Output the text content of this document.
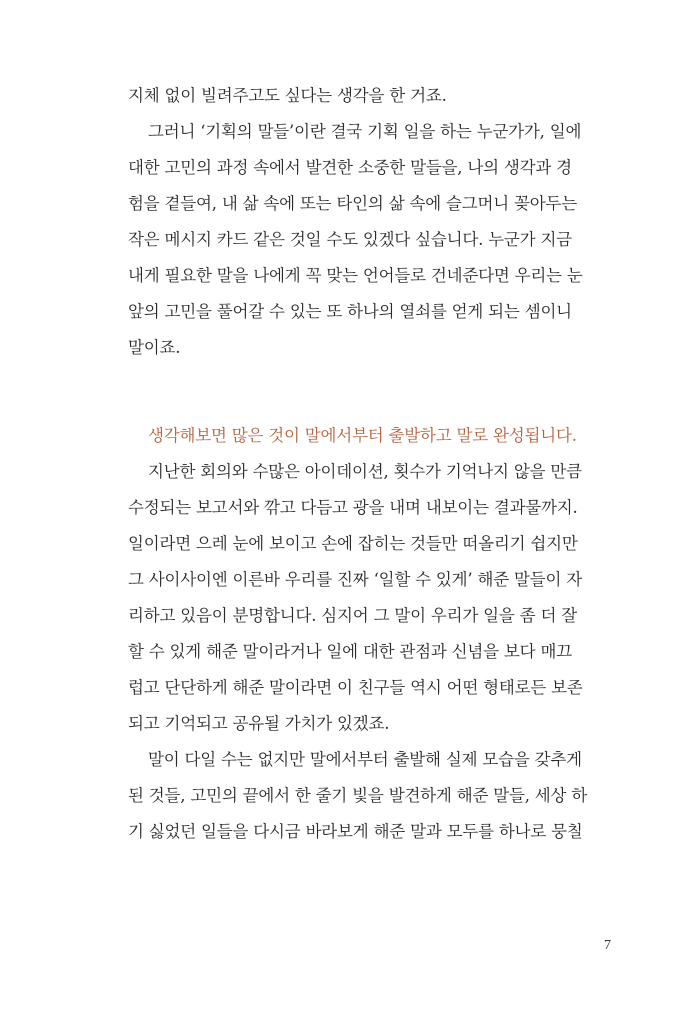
지체 없이 빌려주고도 싶다는 생각을 한 거죠.
그러니 ‘기획의 말들’이란 결국 기획 일을 하는 누군가가, 일에
대한 고민의 과정 속에서 발견한 소중한 말들을, 나의 생각과 경
험을 곁들여, 내 삶 속에 또는 타인의 삶 속에 슬그머니 꽂아두는
작은 메시지 카드 같은 것일 수도 있겠다 싶습니다. 누군가 지금
내게 필요한 말을 나에게 꼭 맞는 언어들로 건네준다면 우리는 눈
앞의 고민을 풀어갈 수 있는 또 하나의 열쇠를 얻게 되는 셈이니
말이죠.
생각해보면 많은 것이 말에서부터 출발하고 말로 완성됩니다.
지난한 회의와 수많은 아이데이션, 횟수가 기억나지 않을 만큼
수정되는 보고서와 깎고 다듬고 광을 내며 내보이는 결과물까지.
일이라면 으레 눈에 보이고 손에 잡히는 것들만 떠올리기 쉽지만
그 사이사이엔 이른바 우리를 진짜 ‘일할 수 있게’ 해준 말들이 자
리하고 있음이 분명합니다. 심지어 그 말이 우리가 일을 좀 더 잘
할 수 있게 해준 말이라거나 일에 대한 관점과 신념을 보다 매끄
럽고 단단하게 해준 말이라면 이 친구들 역시 어떤 형태로든 보존
되고 기억되고 공유될 가치가 있겠죠.
말이 다일 수는 없지만 말에서부터 출발해 실제 모습을 갖추게
된 것들, 고민의 끝에서 한 줄기 빛을 발견하게 해준 말들, 세상 하
기 싫었던 일들을 다시금 바라보게 해준 말과 모두를 하나로 뭉칠
7
